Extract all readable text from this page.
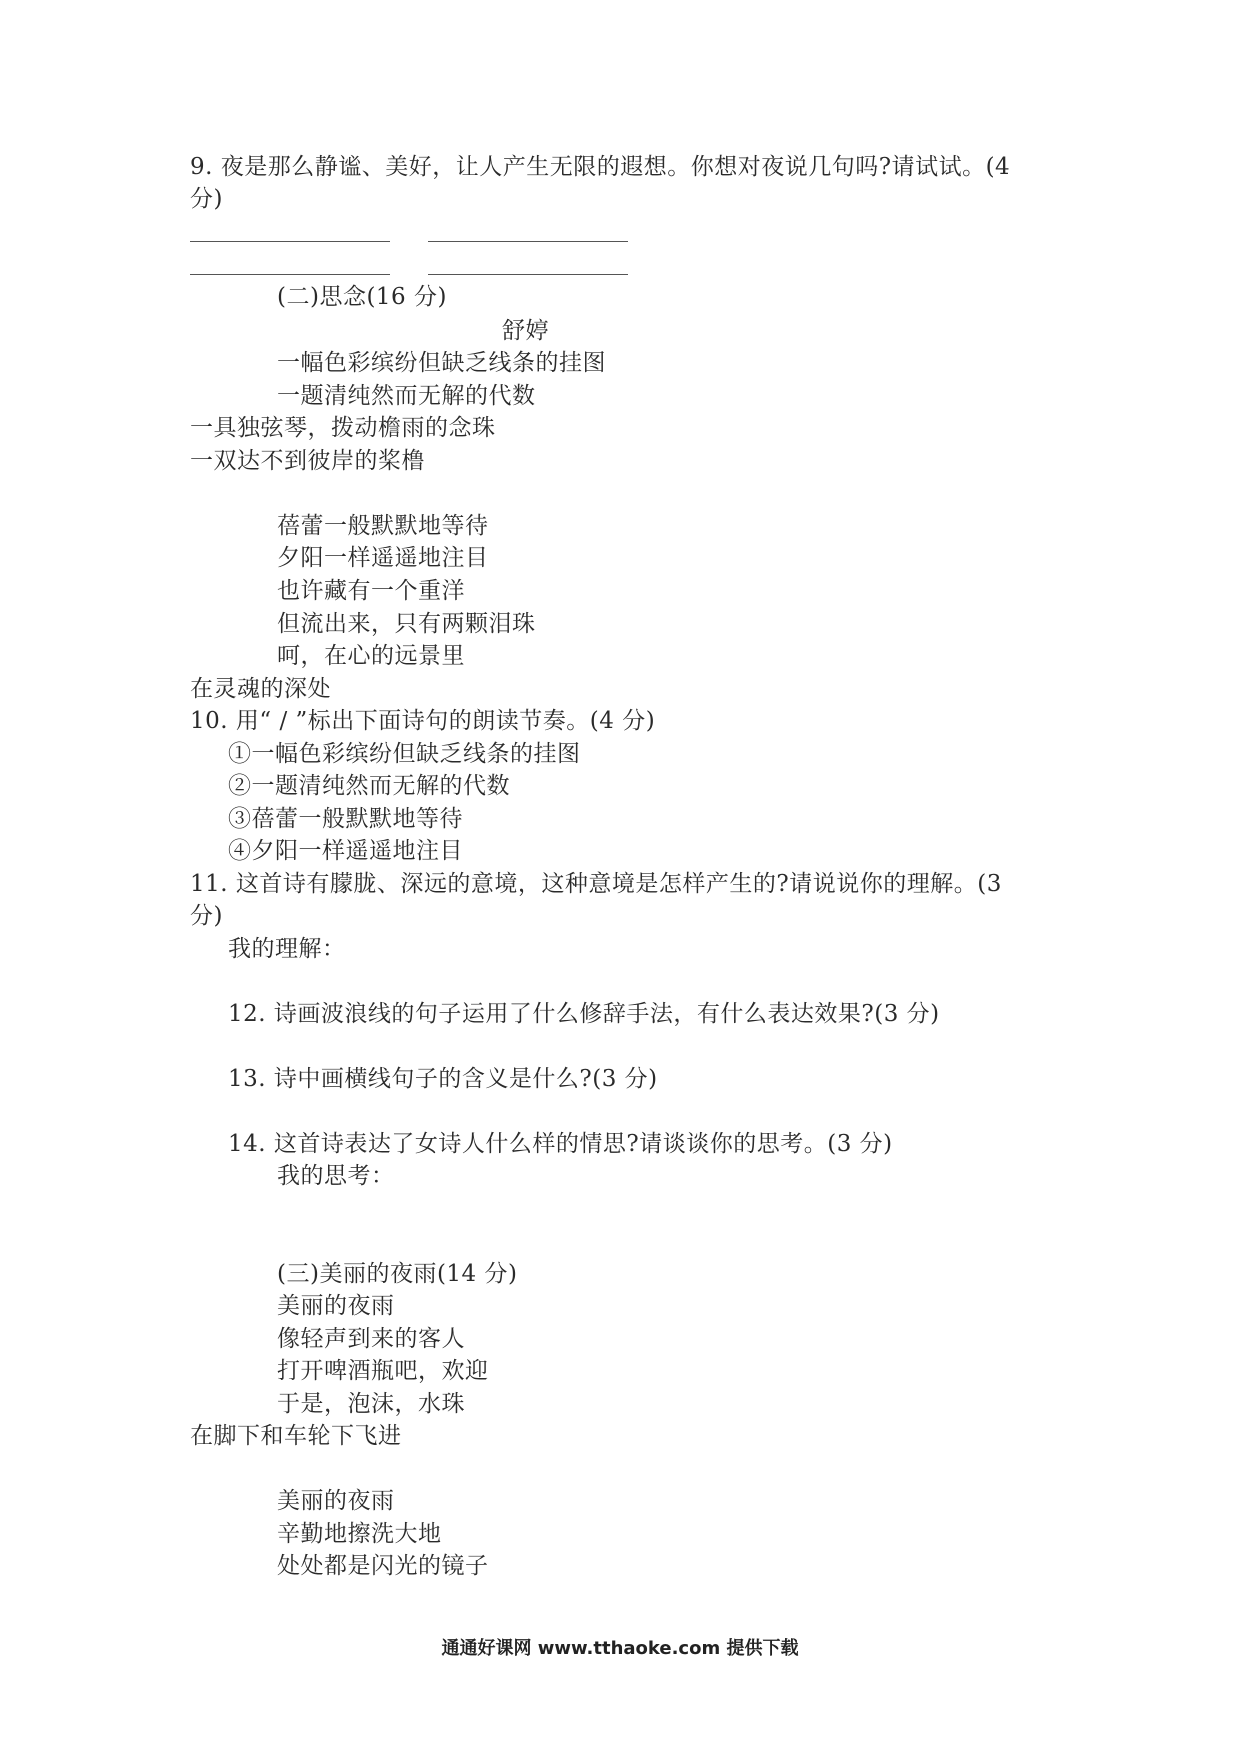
9. 夜是那么静谧、美好，让人产生无限的遐想。你想对夜说几句吗?请试试。(4
分)
(二)思念(16 分)
舒婷
一幅色彩缤纷但缺乏线条的挂图
一题清纯然而无解的代数
一具独弦琴，拨动檐雨的念珠
一双达不到彼岸的桨橹
蓓蕾一般默默地等待
夕阳一样遥遥地注目
也许藏有一个重洋
但流出来，只有两颗泪珠
呵，在心的远景里
在灵魂的深处
10. 用“ / ”标出下面诗句的朗读节奏。(4 分)
①一幅色彩缤纷但缺乏线条的挂图
②一题清纯然而无解的代数
③蓓蕾一般默默地等待
④夕阳一样遥遥地注目
11. 这首诗有朦胧、深远的意境，这种意境是怎样产生的?请说说你的理解。(3
分)
我的理解：
12. 诗画波浪线的句子运用了什么修辞手法，有什么表达效果?(3 分)
13. 诗中画横线句子的含义是什么?(3 分)
14. 这首诗表达了女诗人什么样的情思?请谈谈你的思考。(3 分)
我的思考：
(三)美丽的夜雨(14 分)
美丽的夜雨
像轻声到来的客人
打开啤酒瓶吧，欢迎
于是，泡沫，水珠
在脚下和车轮下飞进
美丽的夜雨
辛勤地擦洗大地
处处都是闪光的镜子
通通好课网 www.tthaoke.com 提供下载
